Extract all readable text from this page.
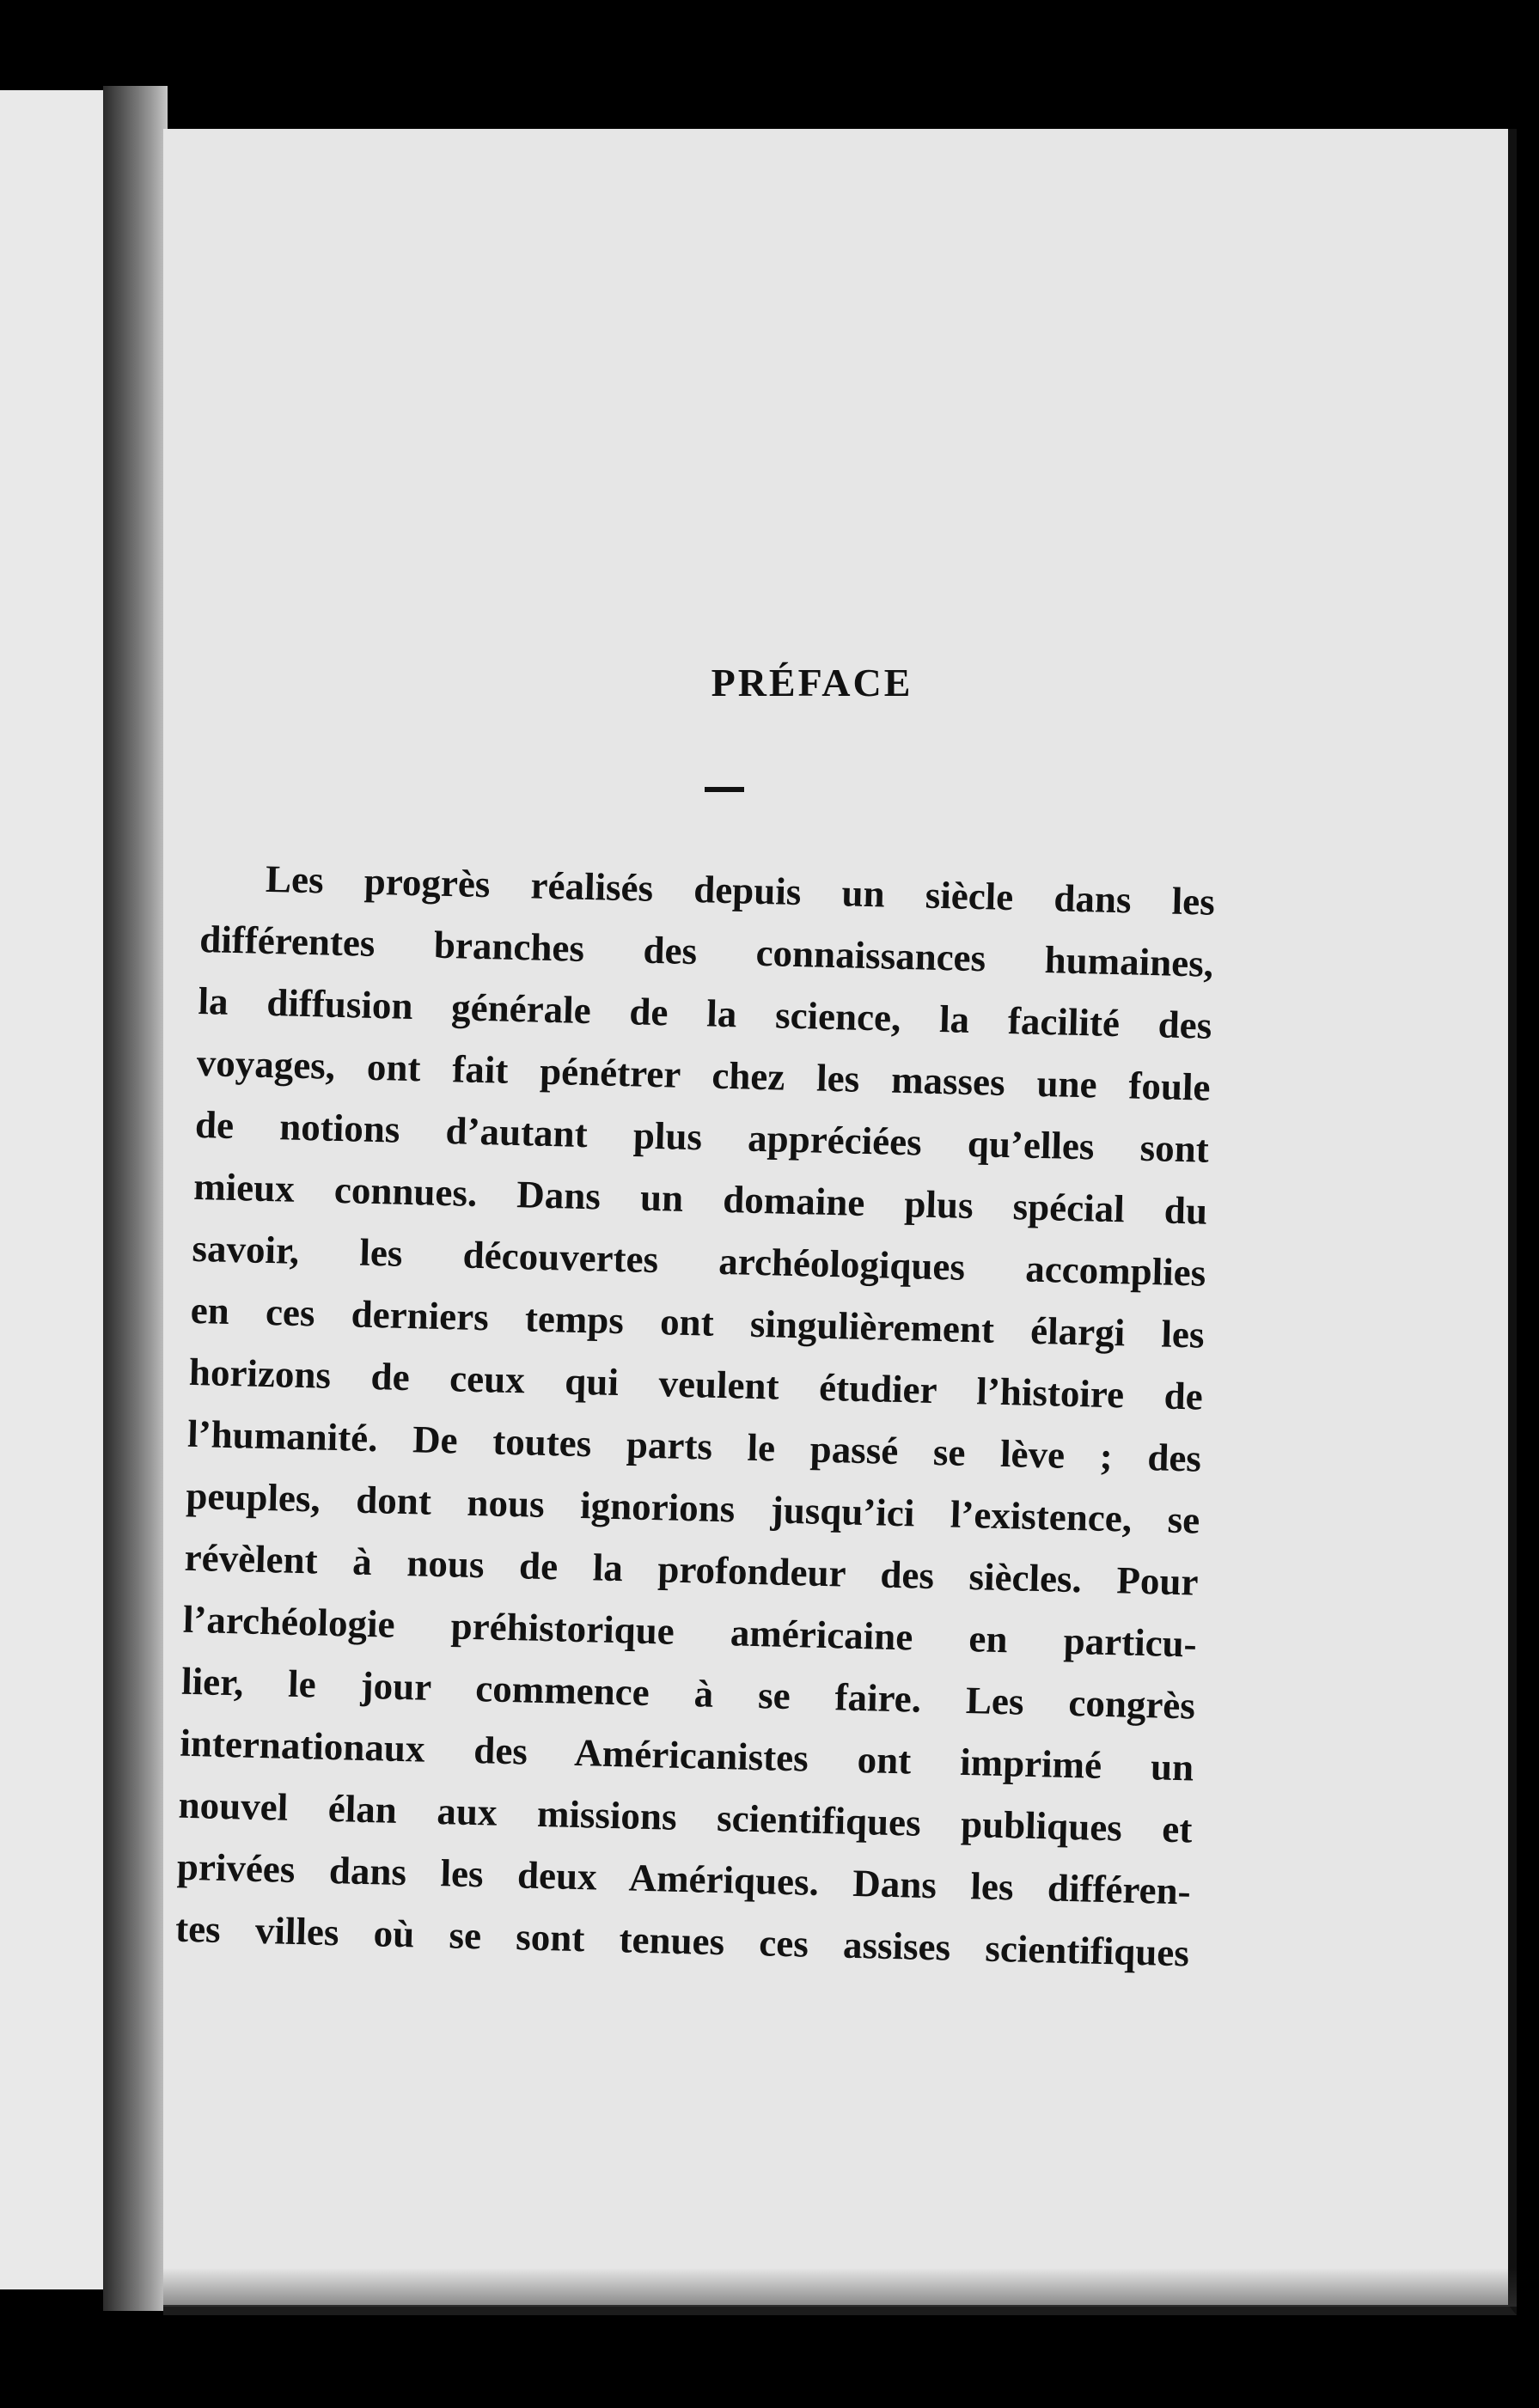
PRÉFACE
Les progrès réalisés depuis un siècle dans les
différentes branches des connaissances humaines,
la diffusion générale de la science, la facilité des
voyages, ont fait pénétrer chez les masses une foule
de notions d’autant plus appréciées qu’elles sont
mieux connues. Dans un domaine plus spécial du
savoir, les découvertes archéologiques accomplies
en ces derniers temps ont singulièrement élargi les
horizons de ceux qui veulent étudier l’histoire de
l’humanité. De toutes parts le passé se lève ; des
peuples, dont nous ignorions jusqu’ici l’existence, se
révèlent à nous de la profondeur des siècles. Pour
l’archéologie préhistorique américaine en particu-
lier, le jour commence à se faire. Les congrès
internationaux des Américanistes ont imprimé un
nouvel élan aux missions scientifiques publiques et
privées dans les deux Amériques. Dans les différen-
tes villes où se sont tenues ces assises scientifiques
